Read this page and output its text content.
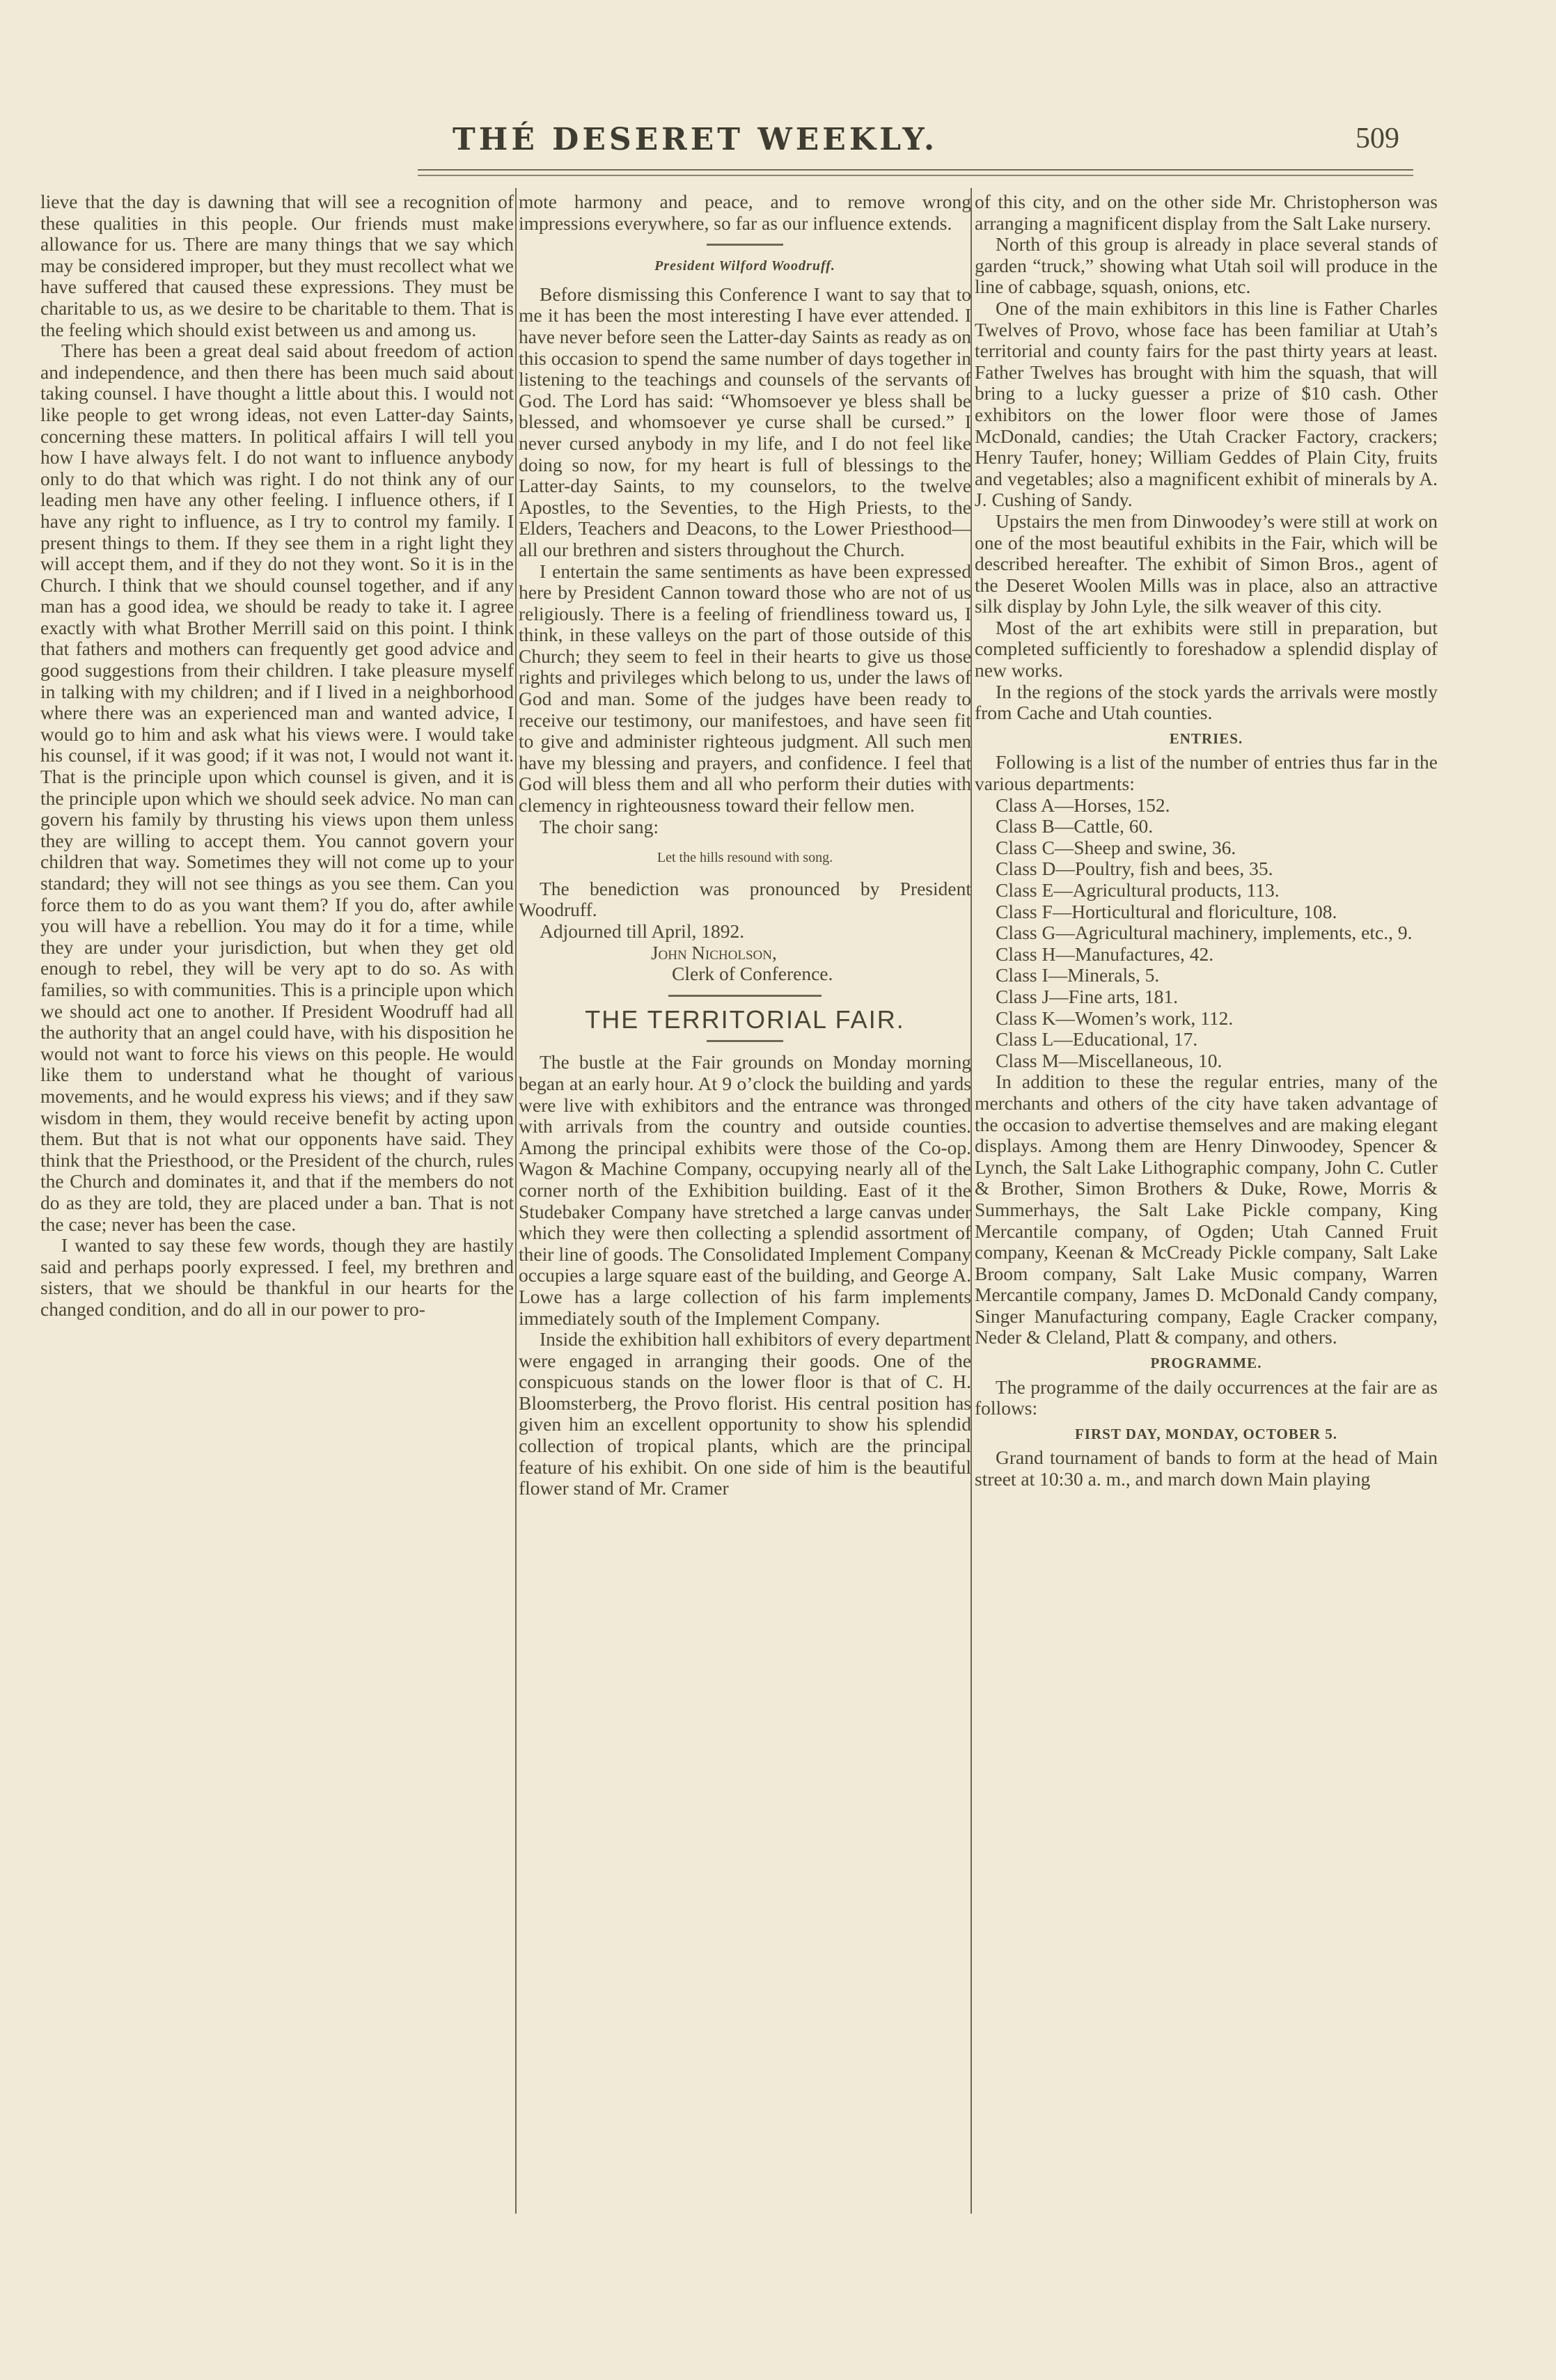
THÉ DESERET WEEKLY.	509

lieve that the day is dawning that will see a recognition of these qualities in this people. Our friends must make allowance for us. There are many things that we say which may be considered improper, but they must recollect what we have suffered that caused these expressions. They must be charitable to us, as we desire to be charitable to them. That is the feeling which should exist between us and among us.

There has been a great deal said about freedom of action and independence, and then there has been much said about taking counsel. I have thought a little about this. I would not like people to get wrong ideas, not even Latter-day Saints, concerning these matters. In political affairs I will tell you how I have always felt. I do not want to influence anybody only to do that which was right. I do not think any of our leading men have any other feeling. I influence others, if I have any right to influence, as I try to control my family. I present things to them. If they see them in a right light they will accept them, and if they do not they wont. So it is in the Church. I think that we should counsel together, and if any man has a good idea, we should be ready to take it. I agree exactly with what Brother Merrill said on this point. I think that fathers and mothers can frequently get good advice and good suggestions from their children. I take pleasure myself in talking with my children; and if I lived in a neighborhood where there was an experienced man and wanted advice, I would go to him and ask what his views were. I would take his counsel, if it was good; if it was not, I would not want it. That is the principle upon which counsel is given, and it is the principle upon which we should seek advice. No man can govern his family by thrusting his views upon them unless they are willing to accept them. You cannot govern your children that way. Sometimes they will not come up to your standard; they will not see things as you see them. Can you force them to do as you want them? If you do, after awhile you will have a rebellion. You may do it for a time, while they are under your jurisdiction, but when they get old enough to rebel, they will be very apt to do so. As with families, so with communities. This is a principle upon which we should act one to another. If President Woodruff had all the authority that an angel could have, with his disposition he would not want to force his views on this people. He would like them to understand what he thought of various movements, and he would express his views; and if they saw wisdom in them, they would receive benefit by acting upon them. But that is not what our opponents have said. They think that the Priesthood, or the President of the church, rules the Church and dominates it, and that if the members do not do as they are told, they are placed under a ban. That is not the case; never has been the case.

I wanted to say these few words, though they are hastily said and perhaps poorly expressed. I feel, my brethren and sisters, that we should be thankful in our hearts for the changed condition, and do all in our power to pro-

mote harmony and peace, and to remove wrong impressions everywhere, so far as our influence extends.

President Wilford Woodruff.

Before dismissing this Conference I want to say that to me it has been the most interesting I have ever attended. I have never before seen the Latter-day Saints as ready as on this occasion to spend the same number of days together in listening to the teachings and counsels of the servants of God. The Lord has said: “Whomsoever ye bless shall be blessed, and whomsoever ye curse shall be cursed.” I never cursed anybody in my life, and I do not feel like doing so now, for my heart is full of blessings to the Latter-day Saints, to my counselors, to the twelve Apostles, to the Seventies, to the High Priests, to the Elders, Teachers and Deacons, to the Lower Priesthood—all our brethren and sisters throughout the Church.

I entertain the same sentiments as have been expressed here by President Cannon toward those who are not of us religiously. There is a feeling of friendliness toward us, I think, in these valleys on the part of those outside of this Church; they seem to feel in their hearts to give us those rights and privileges which belong to us, under the laws of God and man. Some of the judges have been ready to receive our testimony, our manifestoes, and have seen fit to give and administer righteous judgment. All such men have my blessing and prayers, and confidence. I feel that God will bless them and all who perform their duties with clemency in righteousness toward their fellow men.

The choir sang:

Let the hills resound with song.

The benediction was pronounced by President Woodruff.

Adjourned till April, 1892.

John Nicholson,
Clerk of Conference.
THE TERRITORIAL FAIR.

The bustle at the Fair grounds on Monday morning began at an early hour. At 9 o’clock the building and yards were live with exhibitors and the entrance was thronged with arrivals from the country and outside counties. Among the principal exhibits were those of the Co-op. Wagon & Machine Company, occupying nearly all of the corner north of the Exhibition building. East of it the Studebaker Company have stretched a large canvas under which they were then collecting a splendid assortment of their line of goods. The Consolidated Implement Company occupies a large square east of the building, and George A. Lowe has a large collection of his farm implements immediately south of the Implement Company.

Inside the exhibition hall exhibitors of every department were engaged in arranging their goods. One of the conspicuous stands on the lower floor is that of C. H. Bloomsterberg, the Provo florist. His central position has given him an excellent opportunity to show his splendid collection of tropical plants, which are the principal feature of his exhibit. On one side of him is the beautiful flower stand of Mr. Cramer

of this city, and on the other side Mr. Christopherson was arranging a magnificent display from the Salt Lake nursery.

North of this group is already in place several stands of garden “truck,” showing what Utah soil will produce in the line of cabbage, squash, onions, etc.

One of the main exhibitors in this line is Father Charles Twelves of Provo, whose face has been familiar at Utah’s territorial and county fairs for the past thirty years at least. Father Twelves has brought with him the squash, that will bring to a lucky guesser a prize of $10 cash. Other exhibitors on the lower floor were those of James McDonald, candies; the Utah Cracker Factory, crackers; Henry Taufer, honey; William Geddes of Plain City, fruits and vegetables; also a magnificent exhibit of minerals by A. J. Cushing of Sandy.

Upstairs the men from Dinwoodey’s were still at work on one of the most beautiful exhibits in the Fair, which will be described hereafter. The exhibit of Simon Bros., agent of the Deseret Woolen Mills was in place, also an attractive silk display by John Lyle, the silk weaver of this city.

Most of the art exhibits were still in preparation, but completed sufficiently to foreshadow a splendid display of new works.

In the regions of the stock yards the arrivals were mostly from Cache and Utah counties.

ENTRIES.

Following is a list of the number of entries thus far in the various departments:

Class A—Horses, 152.

Class B—Cattle, 60.

Class C—Sheep and swine, 36.

Class D—Poultry, fish and bees, 35.

Class E—Agricultural products, 113.

Class F—Horticultural and floriculture, 108.

Class G—Agricultural machinery, implements, etc., 9.

Class H—Manufactures, 42.

Class I—Minerals, 5.

Class J—Fine arts, 181.

Class K—Women’s work, 112.

Class L—Educational, 17.

Class M—Miscellaneous, 10.

In addition to these the regular entries, many of the merchants and others of the city have taken advantage of the occasion to advertise themselves and are making elegant displays. Among them are Henry Dinwoodey, Spencer & Lynch, the Salt Lake Lithographic company, John C. Cutler & Brother, Simon Brothers & Duke, Rowe, Morris & Summerhays, the Salt Lake Pickle company, King Mercantile company, of Ogden; Utah Canned Fruit company, Keenan & McCready Pickle company, Salt Lake Broom company, Salt Lake Music company, Warren Mercantile company, James D. McDonald Candy company, Singer Manufacturing company, Eagle Cracker company, Neder & Cleland, Platt & company, and others.

PROGRAMME.

The programme of the daily occurrences at the fair are as follows:

FIRST DAY, MONDAY, OCTOBER 5.

Grand tournament of bands to form at the head of Main street at 10:30 a. m., and march down Main playing
